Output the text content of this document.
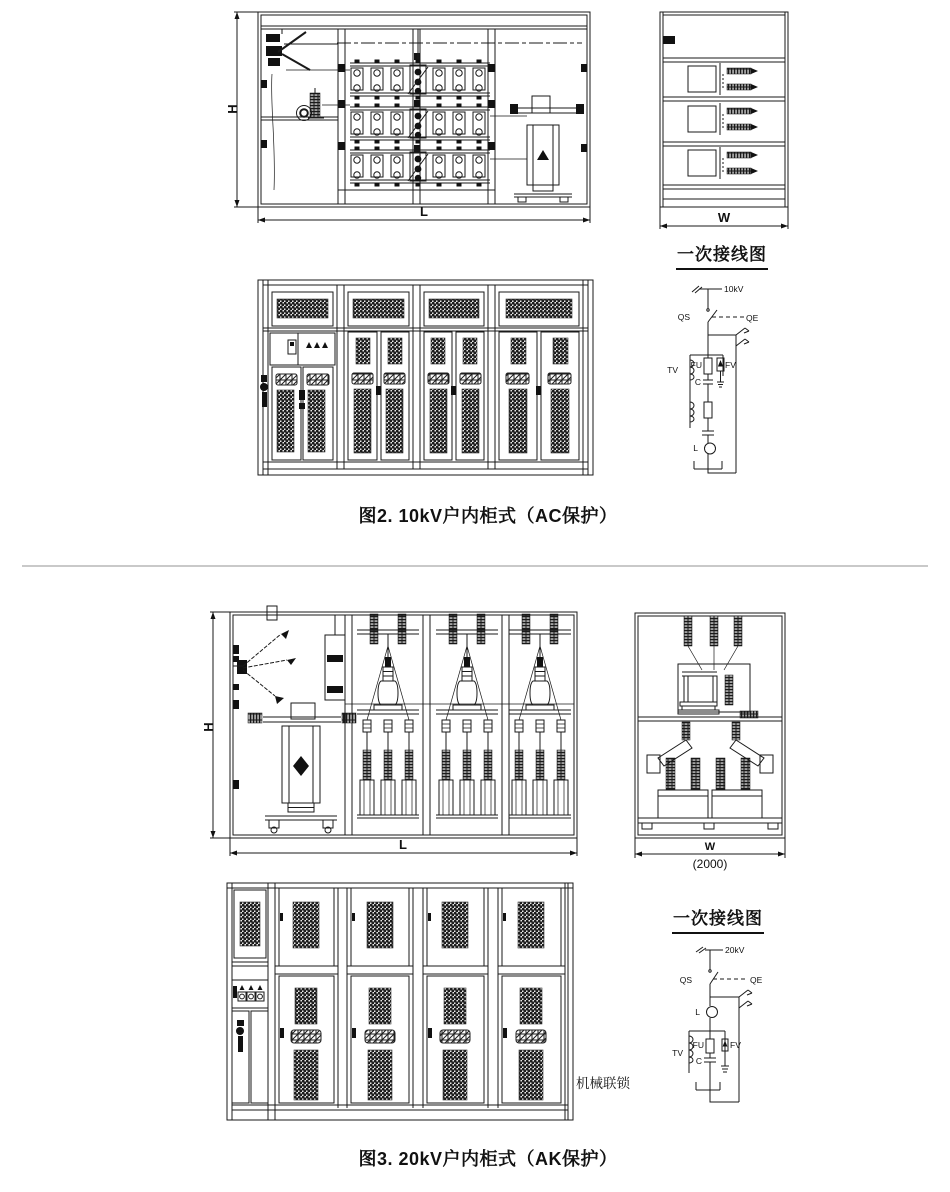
H
L	W
一次接线图
10kV
QS	QE
TV FU
C
FV
L
图2. 10kV户内柜式（AC保护）
H
L	W
(2000)
一次接线图
20kV
QS	QE
L
TV
FU
C
FV
机械联锁
图3. 20kV户内柜式（AK保护）
